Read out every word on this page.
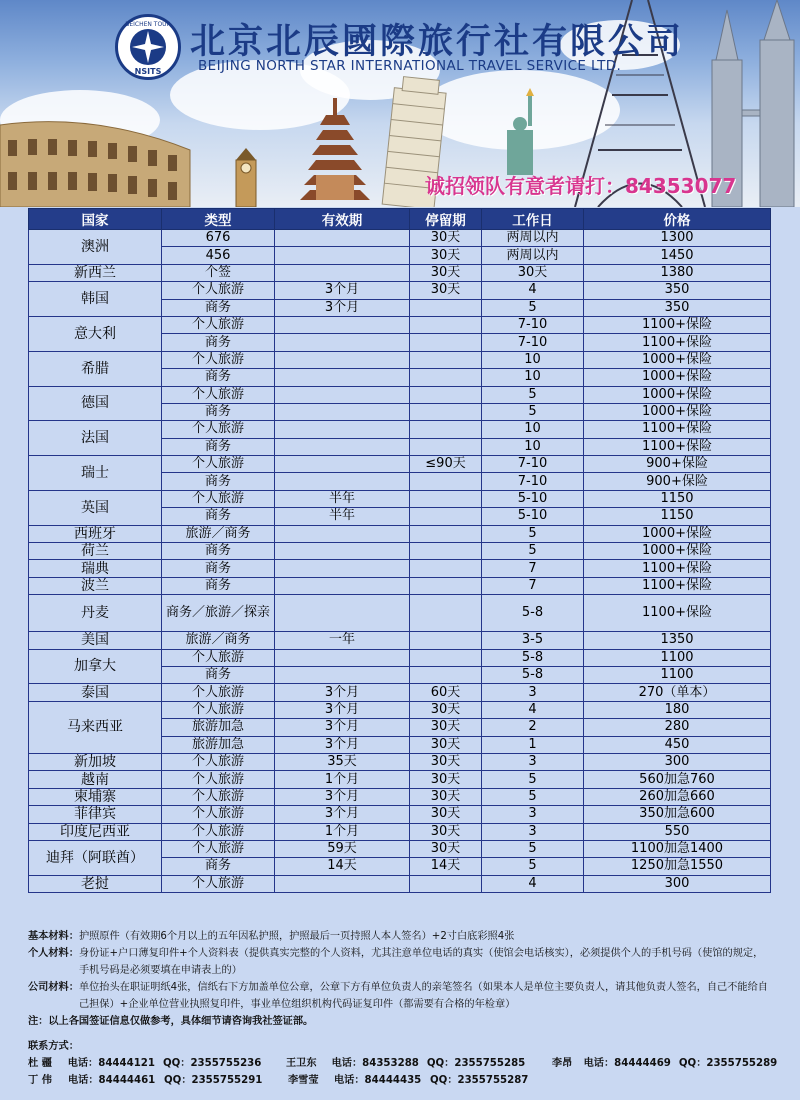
BEICHEN TOUR
NSITS
北京北辰國際旅行社有限公司
BEIJING NORTH STAR INTERNATIONAL TRAVEL SERVICE LTD.
诚招领队有意者请打：84353077
国家	类型	有效期	停留期	工作日	价格
澳洲	676		30天	两周以内	1300
	456		30天	两周以内	1450
新西兰	个签		30天	30天	1380
韩国	个人旅游	3个月	30天	4	350
	商务	3个月		5	350
意大利	个人旅游			7-10	1100+保险
	商务			7-10	1100+保险
希腊	个人旅游			10	1000+保险
	商务			10	1000+保险
德国	个人旅游			5	1000+保险
	商务			5	1000+保险
法国	个人旅游			10	1100+保险
	商务			10	1100+保险
瑞士	个人旅游		≤90天	7-10	900+保险
	商务			7-10	900+保险
英国	个人旅游	半年		5-10	1150
	商务	半年		5-10	1150
西班牙	旅游／商务			5	1000+保险
荷兰	商务			5	1000+保险
瑞典	商务			7	1100+保险
波兰	商务			7	1100+保险
丹麦	商务／旅游／探亲			5-8	1100+保险
美国	旅游／商务	一年		3-5	1350
加拿大	个人旅游			5-8	1100
	商务			5-8	1100
泰国	个人旅游	3个月	60天	3	270（单本）
马来西亚	个人旅游	3个月	30天	4	180
	旅游加急	3个月	30天	2	280
	旅游加急	3个月	30天	1	450
新加坡	个人旅游	35天	30天	3	300
越南	个人旅游	1个月	30天	5	560加急760
柬埔寨	个人旅游	3个月	30天	5	260加急660
菲律宾	个人旅游	3个月	30天	3	350加急600
印度尼西亚	个人旅游	1个月	30天	3	550
迪拜（阿联酋）	个人旅游	59天	30天	5	1100加急1400
	商务	14天	14天	5	1250加急1550
老挝	个人旅游			4	300
基本材料： 护照原件（有效期6个月以上的五年因私护照，护照最后一页持照人本人签名）+2寸白底彩照4张
个人材料： 身份证+户口薄复印件+个人资料表（提供真实完整的个人资料，尤其注意单位电话的真实（使馆会电话核实），必须提供个人的手机号码（使馆的规定，手机号码是必须要填在申请表上的）
公司材料： 单位抬头在职证明纸4张，信纸右下方加盖单位公章，公章下方有单位负责人的亲笔签名（如果本人是单位主要负责人，请其他负责人签名，自己不能给自己担保）+企业单位营业执照复印件，事业单位组织机构代码证复印件（都需要有合格的年检章）
注： 以上各国签证信息仅做参考，具体细节请咨询我社签证部。
联系方式：
杜 疆	电话：84444121 QQ：2355755236	王卫东	电话：84353288 QQ：2355755285	李昂	电话：84444469 QQ：2355755289
丁 伟	电话：84444461 QQ：2355755291	李雪莹	电话：84444435 QQ：2355755287
